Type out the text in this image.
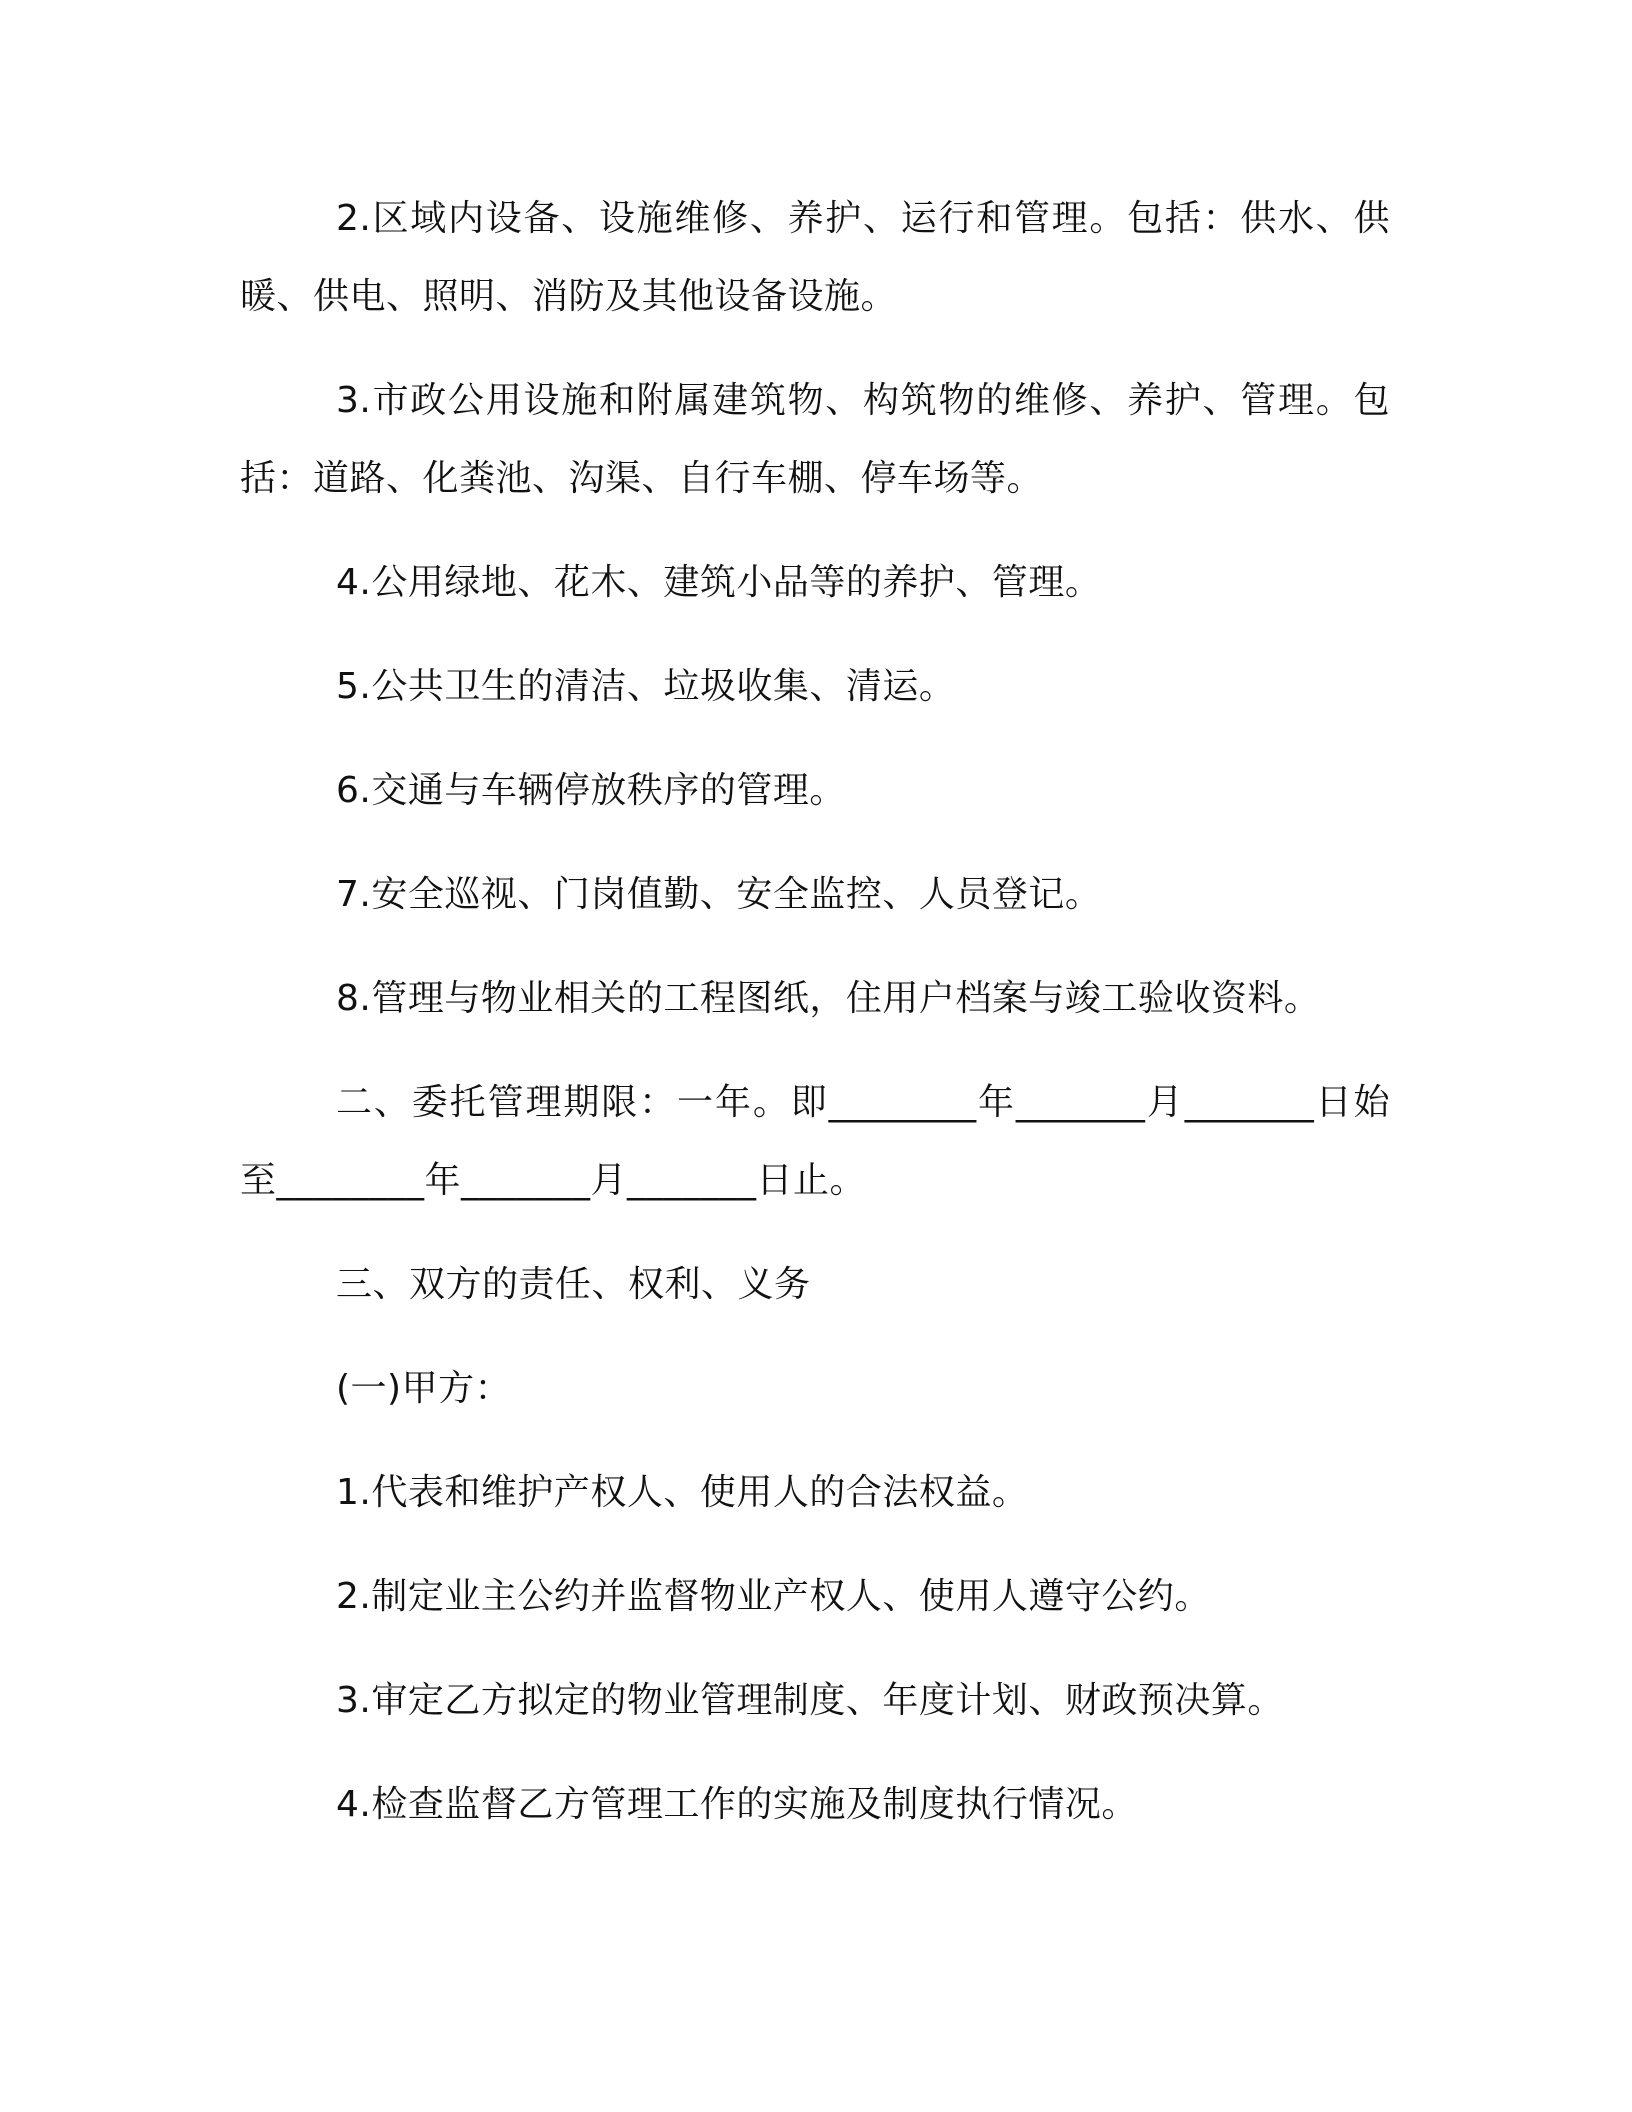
2.区域内设备、设施维修、养护、运行和管理。包括：供水、供暖、供电、照明、消防及其他设备设施。

3.市政公用设施和附属建筑物、构筑物的维修、养护、管理。包括：道路、化粪池、沟渠、自行车棚、停车场等。

4.公用绿地、花木、建筑小品等的养护、管理。

5.公共卫生的清洁、垃圾收集、清运。

6.交通与车辆停放秩序的管理。

7.安全巡视、门岗值勤、安全监控、人员登记。

8.管理与物业相关的工程图纸，住用户档案与竣工验收资料。

二、委托管理期限：一年。即________年_______月_______日始至________年_______月_______日止。

三、双方的责任、权利、义务

(一)甲方：

1.代表和维护产权人、使用人的合法权益。

2.制定业主公约并监督物业产权人、使用人遵守公约。

3.审定乙方拟定的物业管理制度、年度计划、财政预决算。

4.检查监督乙方管理工作的实施及制度执行情况。
